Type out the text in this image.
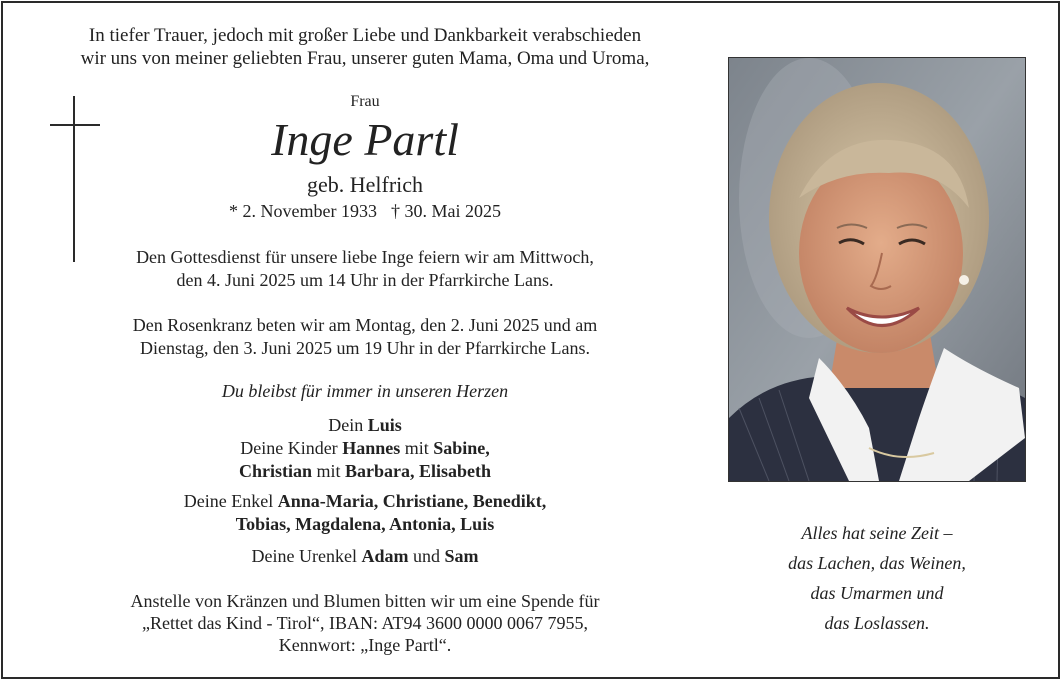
In tiefer Trauer, jedoch mit großer Liebe und Dankbarkeit verabschieden
wir uns von meiner geliebten Frau, unserer guten Mama, Oma und Uroma,
Frau
Inge Partl
geb. Helfrich
* 2. November 1933 † 30. Mai 2025
Den Gottesdienst für unsere liebe Inge feiern wir am Mittwoch,
den 4. Juni 2025 um 14 Uhr in der Pfarrkirche Lans.
Den Rosenkranz beten wir am Montag, den 2. Juni 2025 und am
Dienstag, den 3. Juni 2025 um 19 Uhr in der Pfarrkirche Lans.
Du bleibst für immer in unseren Herzen
Dein Luis
Deine Kinder Hannes mit Sabine,
Christian mit Barbara, Elisabeth
Deine Enkel Anna-Maria, Christiane, Benedikt,
Tobias, Magdalena, Antonia, Luis
Deine Urenkel Adam und Sam
Anstelle von Kränzen und Blumen bitten wir um eine Spende für
„Rettet das Kind - Tirol“, IBAN: AT94 3600 0000 0067 7955,
Kennwort: „Inge Partl“.
Alles hat seine Zeit –
das Lachen, das Weinen,
das Umarmen und
das Loslassen.
